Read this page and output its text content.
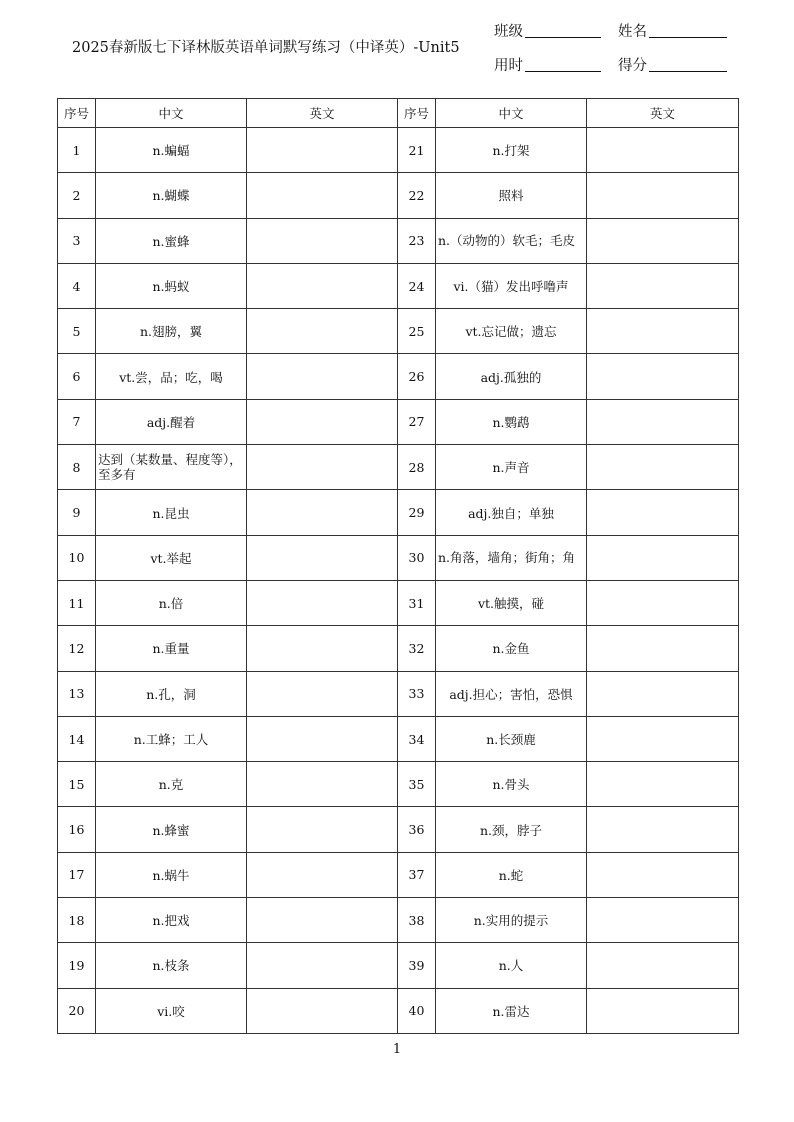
2025春新版七下译林版英语单词默写练习（中译英）-Unit5
班级	姓名
用时	得分
序号	中文	英文	序号	中文	英文
1	n.蝙蝠		21	n.打架	
2	n.蝴蝶		22	照料	
3	n.蜜蜂		23	n.（动物的）软毛；毛皮	
4	n.蚂蚁		24	vi.（猫）发出呼噜声	
5	n.翅膀，翼		25	vt.忘记做；遗忘	
6	vt.尝，品；吃，喝		26	adj.孤独的	
7	adj.醒着		27	n.鹦鹉	
8	达到（某数量、程度等），至多有		28	n.声音	
9	n.昆虫		29	adj.独自；单独	
10	vt.举起		30	n.角落，墙角；街角；角	
11	n.倍		31	vt.触摸，碰	
12	n.重量		32	n.金鱼	
13	n.孔，洞		33	adj.担心；害怕，恐惧	
14	n.工蜂；工人		34	n.长颈鹿	
15	n.克		35	n.骨头	
16	n.蜂蜜		36	n.颈，脖子	
17	n.蜗牛		37	n.蛇	
18	n.把戏		38	n.实用的提示	
19	n.枝条		39	n.人	
20	vi.咬		40	n.雷达	
1
